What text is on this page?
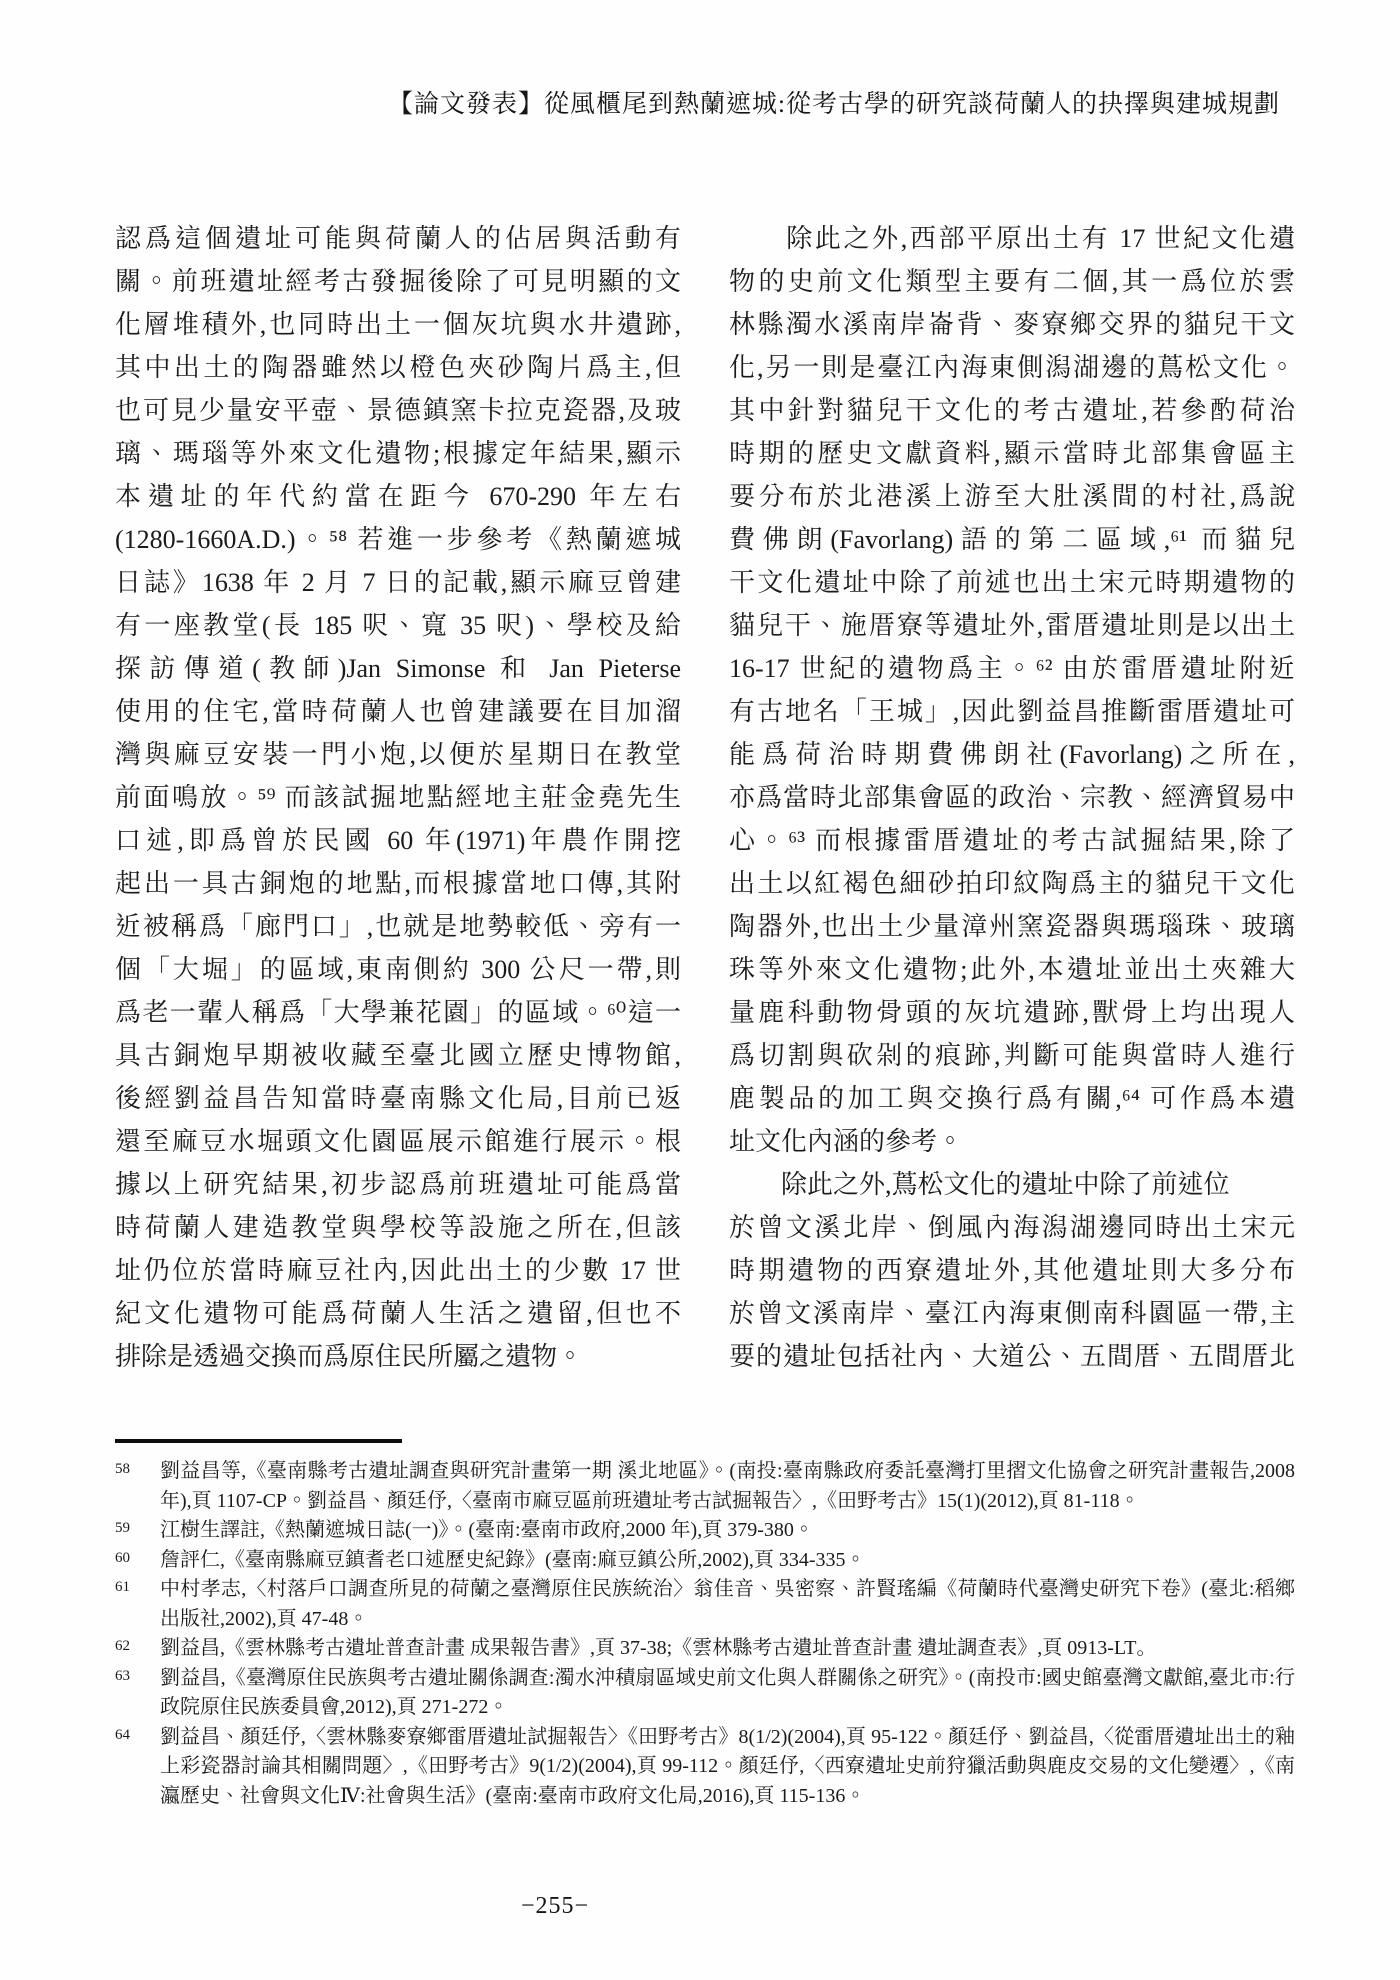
【論文發表】從風櫃尾到熱蘭遮城:從考古學的研究談荷蘭人的抉擇與建城規劃
認爲這個遺址可能與荷蘭人的佔居與活動有
關。前班遺址經考古發掘後除了可見明顯的文
化層堆積外,也同時出土一個灰坑與水井遺跡,
其中出土的陶器雖然以橙色夾砂陶片爲主,但
也可見少量安平壺、景德鎮窯卡拉克瓷器,及玻
璃、瑪瑙等外來文化遺物;根據定年結果,顯示
本遺址的年代約當在距今 670-290 年左右
(1280-1660A.D.)。⁵⁸ 若進一步參考《熱蘭遮城
日誌》1638 年 2 月 7 日的記載,顯示麻豆曾建
有一座教堂(長 185 呎、寬 35 呎)、學校及給
探訪傳道(教師)Jan Simonse 和 Jan Pieterse
使用的住宅,當時荷蘭人也曾建議要在目加溜
灣與麻豆安裝一門小炮,以便於星期日在教堂
前面鳴放。⁵⁹ 而該試掘地點經地主莊金堯先生
口述,即爲曾於民國 60 年(1971)年農作開挖
起出一具古銅炮的地點,而根據當地口傳,其附
近被稱爲「廊門口」,也就是地勢較低、旁有一
個「大堀」的區域,東南側約 300 公尺一帶,則
爲老一輩人稱爲「大學兼花園」的區域。⁶⁰這一
具古銅炮早期被收藏至臺北國立歷史博物館,
後經劉益昌告知當時臺南縣文化局,目前已返
還至麻豆水堀頭文化園區展示館進行展示。根
據以上研究結果,初步認爲前班遺址可能爲當
時荷蘭人建造教堂與學校等設施之所在,但該
址仍位於當時麻豆社內,因此出土的少數 17 世
紀文化遺物可能爲荷蘭人生活之遺留,但也不
排除是透過交換而爲原住民所屬之遺物。
　　除此之外,西部平原出土有 17 世紀文化遺
物的史前文化類型主要有二個,其一爲位於雲
林縣濁水溪南岸崙背、麥寮鄉交界的貓兒干文
化,另一則是臺江內海東側潟湖邊的蔦松文化。
其中針對貓兒干文化的考古遺址,若參酌荷治
時期的歷史文獻資料,顯示當時北部集會區主
要分布於北港溪上游至大肚溪間的村社,爲說
費佛朗(Favorlang)語的第二區域,⁶¹ 而貓兒
干文化遺址中除了前述也出土宋元時期遺物的
貓兒干、施厝寮等遺址外,雷厝遺址則是以出土
16-17 世紀的遺物爲主。⁶² 由於雷厝遺址附近
有古地名「王城」,因此劉益昌推斷雷厝遺址可
能爲荷治時期費佛朗社(Favorlang)之所在,
亦爲當時北部集會區的政治、宗教、經濟貿易中
心。⁶³ 而根據雷厝遺址的考古試掘結果,除了
出土以紅褐色細砂拍印紋陶爲主的貓兒干文化
陶器外,也出土少量漳州窯瓷器與瑪瑙珠、玻璃
珠等外來文化遺物;此外,本遺址並出土夾雜大
量鹿科動物骨頭的灰坑遺跡,獸骨上均出現人
爲切割與砍剁的痕跡,判斷可能與當時人進行
鹿製品的加工與交換行爲有關,⁶⁴ 可作爲本遺
址文化內涵的參考。
　　除此之外,蔦松文化的遺址中除了前述位
於曾文溪北岸、倒風內海潟湖邊同時出土宋元
時期遺物的西寮遺址外,其他遺址則大多分布
於曾文溪南岸、臺江內海東側南科園區一帶,主
要的遺址包括社內、大道公、五間厝、五間厝北
58	劉益昌等,《臺南縣考古遺址調查與研究計畫第一期 溪北地區》。(南投:臺南縣政府委託臺灣打里摺文化協會之研究計畫報告,2008 年),頁 1107-CP。劉益昌、顏廷伃,〈臺南市麻豆區前班遺址考古試掘報告〉,《田野考古》15(1)(2012),頁 81-118。
59	江樹生譯註,《熱蘭遮城日誌(一)》。(臺南:臺南市政府,2000 年),頁 379-380。
60	詹評仁,《臺南縣麻豆鎮耆老口述歷史紀錄》(臺南:麻豆鎮公所,2002),頁 334-335。
61	中村孝志,〈村落戶口調查所見的荷蘭之臺灣原住民族統治〉翁佳音、吳密察、許賢瑤編《荷蘭時代臺灣史研究下卷》(臺北:稻鄉出版社,2002),頁 47-48。
62	劉益昌,《雲林縣考古遺址普查計畫 成果報告書》,頁 37-38;《雲林縣考古遺址普查計畫 遺址調查表》,頁 0913-LT。
63	劉益昌,《臺灣原住民族與考古遺址關係調查:濁水沖積扇區域史前文化與人群關係之研究》。(南投市:國史館臺灣文獻館,臺北市:行政院原住民族委員會,2012),頁 271-272。
64	劉益昌、顏廷伃,〈雲林縣麥寮鄉雷厝遺址試掘報告〉《田野考古》8(1/2)(2004),頁 95-122。顏廷伃、劉益昌,〈從雷厝遺址出土的釉上彩瓷器討論其相關問題〉,《田野考古》9(1/2)(2004),頁 99-112。顏廷伃,〈西寮遺址史前狩獵活動與鹿皮交易的文化變遷〉,《南瀛歷史、社會與文化Ⅳ:社會與生活》(臺南:臺南市政府文化局,2016),頁 115-136。
−255−
